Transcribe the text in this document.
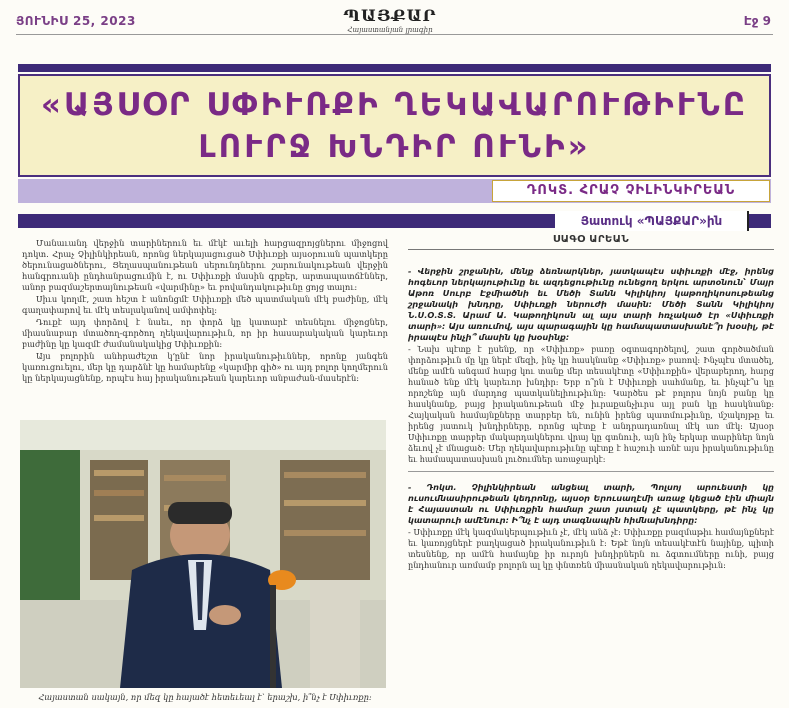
ՅՈՒՆԻՍ 25, 2023	ՊԱՅՔԱՐ
Հայաստանյան լրագիր
Էջ 9
«ԱՅՍՕՐ ՍՓԻՒՌՔԻ ՂԵԿԱՎԱՐՈՒԹԻՒՆԸ
ԼՈՒՐՋ ԽՆԴԻՐ ՈՒՆԻ»
ԴՈԿՏ. ՀՐԱՉ ՉԻԼԻՆԿԻՐԵԱՆ
Յատուկ «ՊԱՅՔԱՐ»ին

Մանաւանդ վերջին տարիներուն եւ մէկէ աւելի հարցազրոյցներու միջոցով դոկտ. Հրաչ Չիլինկիրեան, որոնց ներկայացուցած Սփիւռքի այսօրուան պատկերը ծերունացածներու, Ցեղասպանութեան սերունդներու շարունակութեան վերջին հանգրուանի ընդհանրացումին է, ու Սփիւռքի մասին գրքեր, արտապատճէններ, անոր բազմաշերտայնութեան «վարմինը» եւ բովանդակութիւնը ցոյց տալու:

Սիւս կողմէ, շատ հեշտ է անոնցմէ Սփիւռքի մեծ պատմական մէկ բաժինը, մէկ գաղափարով եւ մէկ տեսլականով ամփոփել:

Դուքէ այդ փորձով է նաեւ, որ փորձ կը կատարէ տեսնելու միջոցներ, միասնաբար մտածող-գործող ղեկավարութիւն, որ իր հասարակական կարեւոր բաժինը կը կազմէ ժամանակակից Սփիւռքին:

Այս բոլորին անհրաժեշտ կ՚ընէ նոր իրականութիւններ, որոնք յանգեն կառուցուելու, մեր կը դարձնէ կը համարենք «կարմիր գիծ» ու այդ բոլոր կողմերուն կը ներկայացնենք, որպէս հայ իրականութեան կարեւոր անբաժան-մասերէն:

Հայաստան սակայն, որ մեզ կը հայածէ հետեւեալ է՝ երաշխ, ի՞նչ է Սփիւռքը:
ՍԱԳՕ ԱՐԵԱՆ
- Վերջին շրջանին, մենք ձեռնարկներ, յատկապէս սփիւռքի մէջ, իրենց հոգեւոր ներկայութիւնը եւ ազդեցութիւնը ունեցող երկու արտօնուն՝ Մայր Աթոռ Սուրբ Էջմիածնի եւ Մեծի Տանն Կիլիկիոյ կաթողիկոսութեանց շրջանակի խնդրը, Սփիւռքի ներուժի մասին: Մեծի Տանն Կիլիկիոյ Ն.Ս.Օ.Տ.Տ. Արամ Ա. Կաթողիկոսն ալ այս տարի հռչակած էր «Սփիւռքի տարի»: Այս առումով, այս պարագային կը համապատասխանէ՞ր խօսիլ, թէ իրապէս ինչի՞ մասին կը խօսինք:
- Նախ պէտք է ըսենք, որ «Սփիւռք» բառը օգտագործելով, շատ գործածման փորձութիւն մը կը ներէ մեզի, ինչ կը հասկնանք «Սփիւռք» բառով: Ինչպէս մտածել, մենք ամէն անգամ հարց կու տանք մեր տեսակէտը «Սփիւռքին» վերաբերող, հարց հանած ենք մէկ կարեւոր խնդիր: Երբ ո՞րն է Սփիւռքի սահմանը, եւ ինչպէ՞ս կը որոշենք այն մարդոց պատկանելիութիւնը: Կարծես թէ բոլորս նոյն բանը կը հասկնանք, բայց իրականութեան մէջ իւրաքանչիւրս այլ բան կը հասկնանք: Հայկական համայնքները տարբեր են, ունին իրենց պատմութիւնը, մշակոյթը եւ իրենց յատուկ խնդիրները, որոնց պէտք է անդրադառնալ մէկ առ մէկ: Այսօր Սփիւռքը տարբեր մակարդակներու վրայ կը գտնուի, այն ինչ երկար տարիներ նոյն ձեւով չէ մնացած: Մեր ղեկավարութիւնը պէտք է հաշուի առնէ այս իրականութիւնը եւ համապատասխան լուծումներ առաջարկէ:
- Դոկտ. Չիլինկիրեան անցեալ տարի, Պոլսոյ արուեստի կը ուսումնասիրութեան կեդրոնը, այսօր Երուսաղէմի առաջ կեցած էին միայն է Հայաստան ու Սփիւռքին համար շատ յստակ չէ պատկերը, թէ ինչ կը կատարուի ամէնուր: Ի՞նչ է այդ տագնապին հիմնախնդիրը:
- Սփիւռքը մէկ կազմակերպութիւն չէ, մէկ անձ չէ: Սփիւռքը բազմաթիւ համայնքներէ եւ կառոյցներէ բաղկացած իրականութիւն է: Եթէ նոյն տեսակէտէն նայինք, պիտի տեսնենք, որ ամէն համայնք իր ուրոյն խնդիրներն ու ձգտումները ունի, բայց ընդհանուր առմամբ բոլորն ալ կը փնտռեն միասնական ղեկավարութիւն:
